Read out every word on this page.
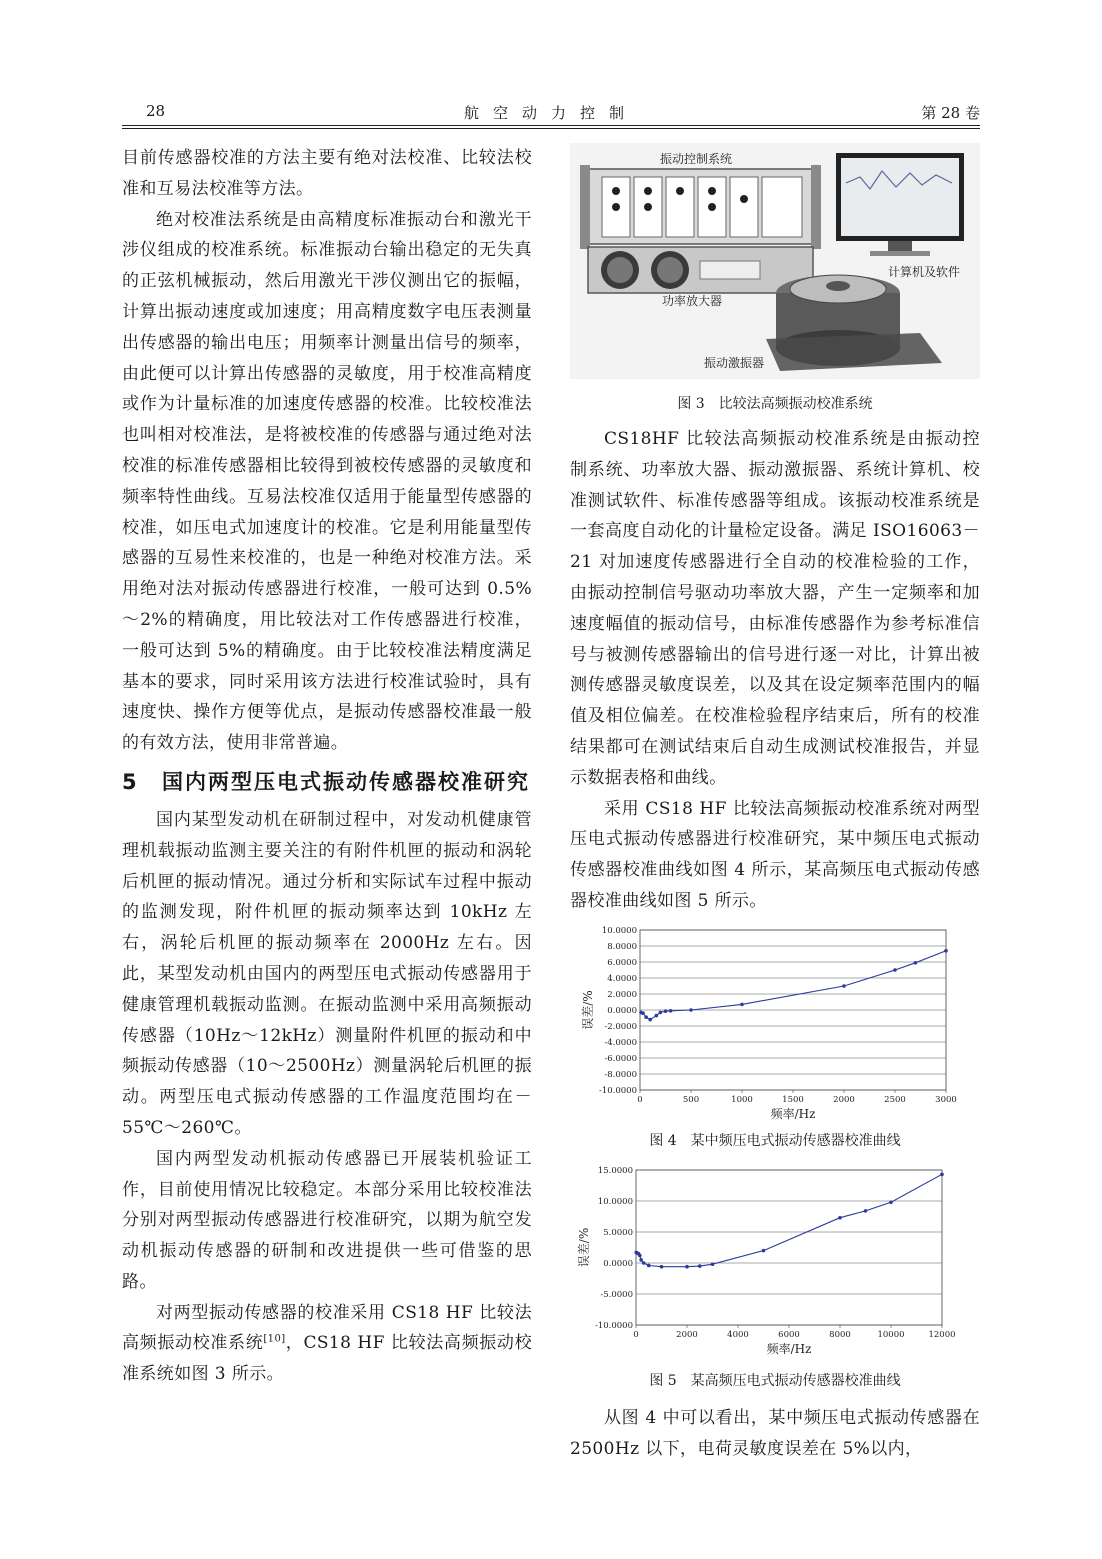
28	航空动力控制	第 28 卷

目前传感器校准的方法主要有绝对法校准、比较法校准和互易法校准等方法。

绝对校准法系统是由高精度标准振动台和激光干涉仪组成的校准系统。标准振动台输出稳定的无失真的正弦机械振动，然后用激光干涉仪测出它的振幅，计算出振动速度或加速度；用高精度数字电压表测量出传感器的输出电压；用频率计测量出信号的频率，由此便可以计算出传感器的灵敏度，用于校准高精度或作为计量标准的加速度传感器的校准。比较校准法也叫相对校准法，是将被校准的传感器与通过绝对法校准的标准传感器相比较得到被校传感器的灵敏度和频率特性曲线。互易法校准仅适用于能量型传感器的校准，如压电式加速度计的校准。它是利用能量型传感器的互易性来校准的，也是一种绝对校准方法。采用绝对法对振动传感器进行校准，一般可达到 0.5%～2%的精确度，用比较法对工作传感器进行校准，一般可达到 5%的精确度。由于比较校准法精度满足基本的要求，同时采用该方法进行校准试验时，具有速度快、操作方便等优点，是振动传感器校准最一般的有效方法，使用非常普遍。

5	国内两型压电式振动传感器校准研究

国内某型发动机在研制过程中，对发动机健康管理机载振动监测主要关注的有附件机匣的振动和涡轮后机匣的振动情况。通过分析和实际试车过程中振动的监测发现，附件机匣的振动频率达到 10kHz 左右，涡轮后机匣的振动频率在 2000Hz 左右。因此，某型发动机由国内的两型压电式振动传感器用于健康管理机载振动监测。在振动监测中采用高频振动传感器（10Hz～12kHz）测量附件机匣的振动和中频振动传感器（10～2500Hz）测量涡轮后机匣的振动。两型压电式振动传感器的工作温度范围均在－55℃～260℃。

国内两型发动机振动传感器已开展装机验证工作，目前使用情况比较稳定。本部分采用比较校准法分别对两型振动传感器进行校准研究，以期为航空发动机振动传感器的研制和改进提供一些可借鉴的思路。

对两型振动传感器的校准采用 CS18 HF 比较法高频振动校准系统[10]，CS18 HF 比较法高频振动校准系统如图 3 所示。

振动控制系统
计算机及软件
功率放大器
振动激振器
图 3　比较法高频振动校准系统

CS18HF 比较法高频振动校准系统是由振动控制系统、功率放大器、振动激振器、系统计算机、校准测试软件、标准传感器等组成。该振动校准系统是一套高度自动化的计量检定设备。满足 ISO16063－21 对加速度传感器进行全自动的校准检验的工作，由振动控制信号驱动功率放大器，产生一定频率和加速度幅值的振动信号，由标准传感器作为参考标准信号与被测传感器输出的信号进行逐一对比，计算出被测传感器灵敏度误差，以及其在设定频率范围内的幅值及相位偏差。在校准检验程序结束后，所有的校准结果都可在测试结束后自动生成测试校准报告，并显示数据表格和曲线。

采用 CS18 HF 比较法高频振动校准系统对两型压电式振动传感器进行校准研究，某中频压电式振动传感器校准曲线如图 4 所示，某高频压电式振动传感器校准曲线如图 5 所示。

10.0000
8.0000
6.0000
4.0000
2.0000
0.0000
-2.0000
-4.0000
-6.0000
-8.0000
-10.0000
0	500	1000	1500	2000	2500	3000
频率/Hz
误差/%
图 4　某中频压电式振动传感器校准曲线
15.0000
10.0000
5.0000
0.0000
-5.0000
-10.0000
0	2000	4000	6000	8000	10000	12000
频率/Hz
误差/%
图 5　某高频压电式振动传感器校准曲线

从图 4 中可以看出，某中频压电式振动传感器在 2500Hz 以下，电荷灵敏度误差在 5%以内，
